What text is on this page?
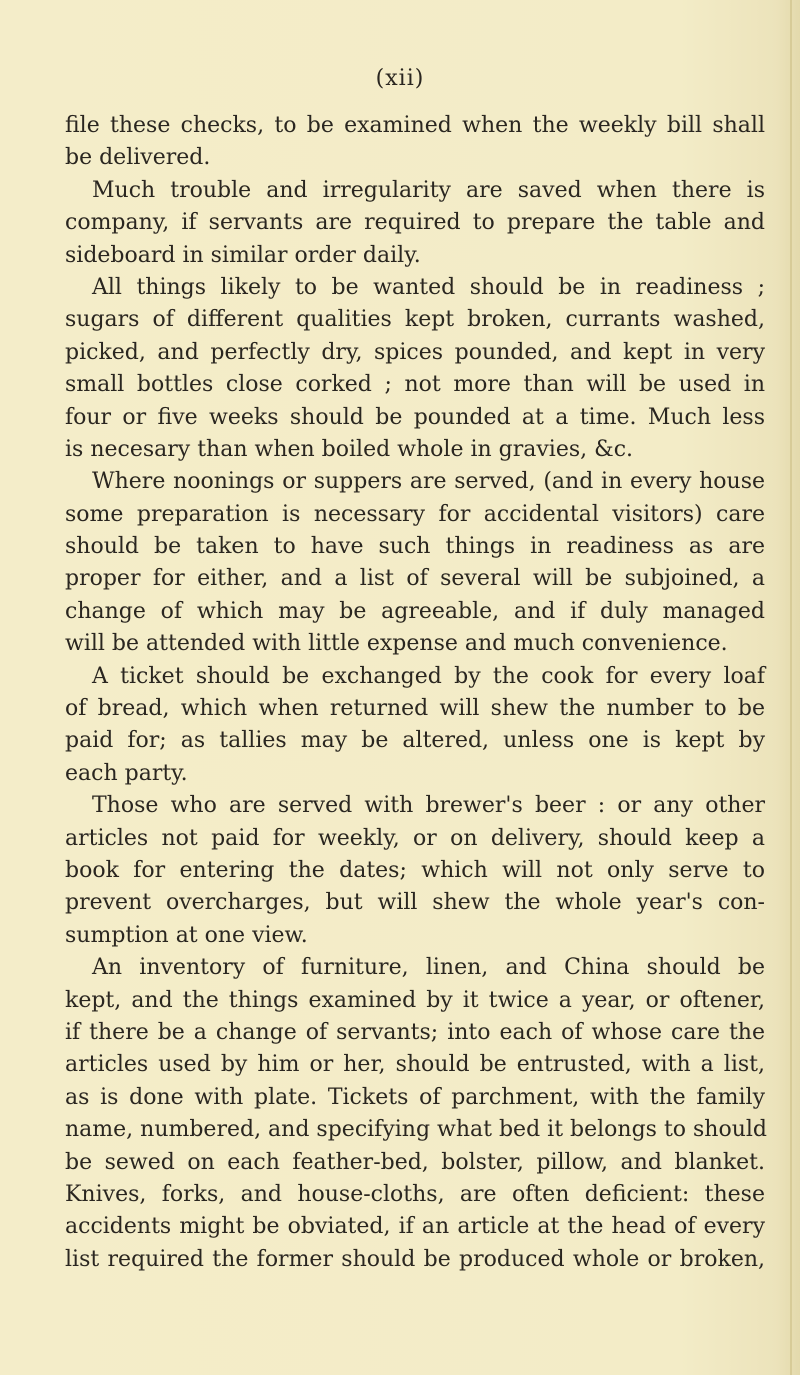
(xii)
file these checks, to be examined when the weekly bill shall
be delivered.
Much trouble and irregularity are saved when there is
company, if servants are required to prepare the table and
sideboard in similar order daily.
All things likely to be wanted should be in readiness ;
sugars of different qualities kept broken, currants washed,
picked, and perfectly dry, spices pounded, and kept in very
small bottles close corked ; not more than will be used in
four or five weeks should be pounded at a time. Much less
is necesary than when boiled whole in gravies, &c.
Where noonings or suppers are served, (and in every house
some preparation is necessary for accidental visitors) care
should be taken to have such things in readiness as are
proper for either, and a list of several will be subjoined, a
change of which may be agreeable, and if duly managed
will be attended with little expense and much convenience.
A ticket should be exchanged by the cook for every loaf
of bread, which when returned will shew the number to be
paid for; as tallies may be altered, unless one is kept by
each party.
Those who are served with brewer's beer : or any other
articles not paid for weekly, or on delivery, should keep a
book for entering the dates; which will not only serve to
prevent overcharges, but will shew the whole year's con-
sumption at one view.
An inventory of furniture, linen, and China should be
kept, and the things examined by it twice a year, or oftener,
if there be a change of servants; into each of whose care the
articles used by him or her, should be entrusted, with a list,
as is done with plate. Tickets of parchment, with the family
name, numbered, and specifying what bed it belongs to should
be sewed on each feather-bed, bolster, pillow, and blanket.
Knives, forks, and house-cloths, are often deficient: these
accidents might be obviated, if an article at the head of every
list required the former should be produced whole or broken,
